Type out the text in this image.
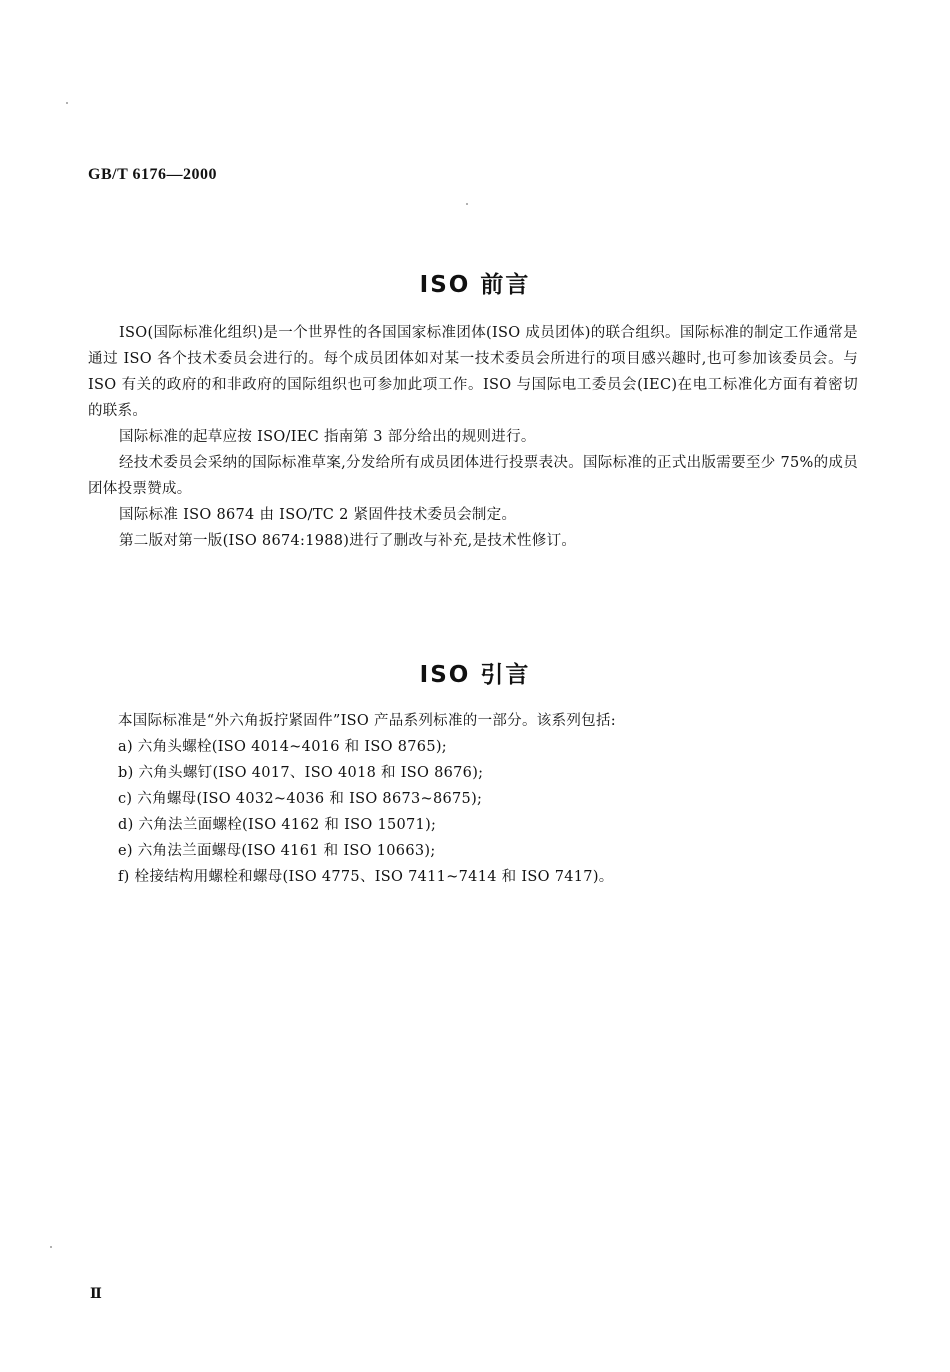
GB/T 6176—2000
ISO 前言

ISO(国际标准化组织)是一个世界性的各国国家标准团体(ISO 成员团体)的联合组织。国际标准的制定工作通常是通过 ISO 各个技术委员会进行的。每个成员团体如对某一技术委员会所进行的项目感兴趣时,也可参加该委员会。与 ISO 有关的政府的和非政府的国际组织也可参加此项工作。ISO 与国际电工委员会(IEC)在电工标准化方面有着密切的联系。

国际标准的起草应按 ISO/IEC 指南第 3 部分给出的规则进行。

经技术委员会采纳的国际标准草案,分发给所有成员团体进行投票表决。国际标准的正式出版需要至少 75%的成员团体投票赞成。

国际标准 ISO 8674 由 ISO/TC 2 紧固件技术委员会制定。

第二版对第一版(ISO 8674:1988)进行了删改与补充,是技术性修订。

ISO 引言
本国际标准是“外六角扳拧紧固件”ISO 产品系列标准的一部分。该系列包括:
a) 六角头螺栓(ISO 4014~4016 和 ISO 8765);
b) 六角头螺钉(ISO 4017、ISO 4018 和 ISO 8676);
c) 六角螺母(ISO 4032~4036 和 ISO 8673~8675);
d) 六角法兰面螺栓(ISO 4162 和 ISO 15071);
e) 六角法兰面螺母(ISO 4161 和 ISO 10663);
f) 栓接结构用螺栓和螺母(ISO 4775、ISO 7411~7414 和 ISO 7417)。
Ⅱ
